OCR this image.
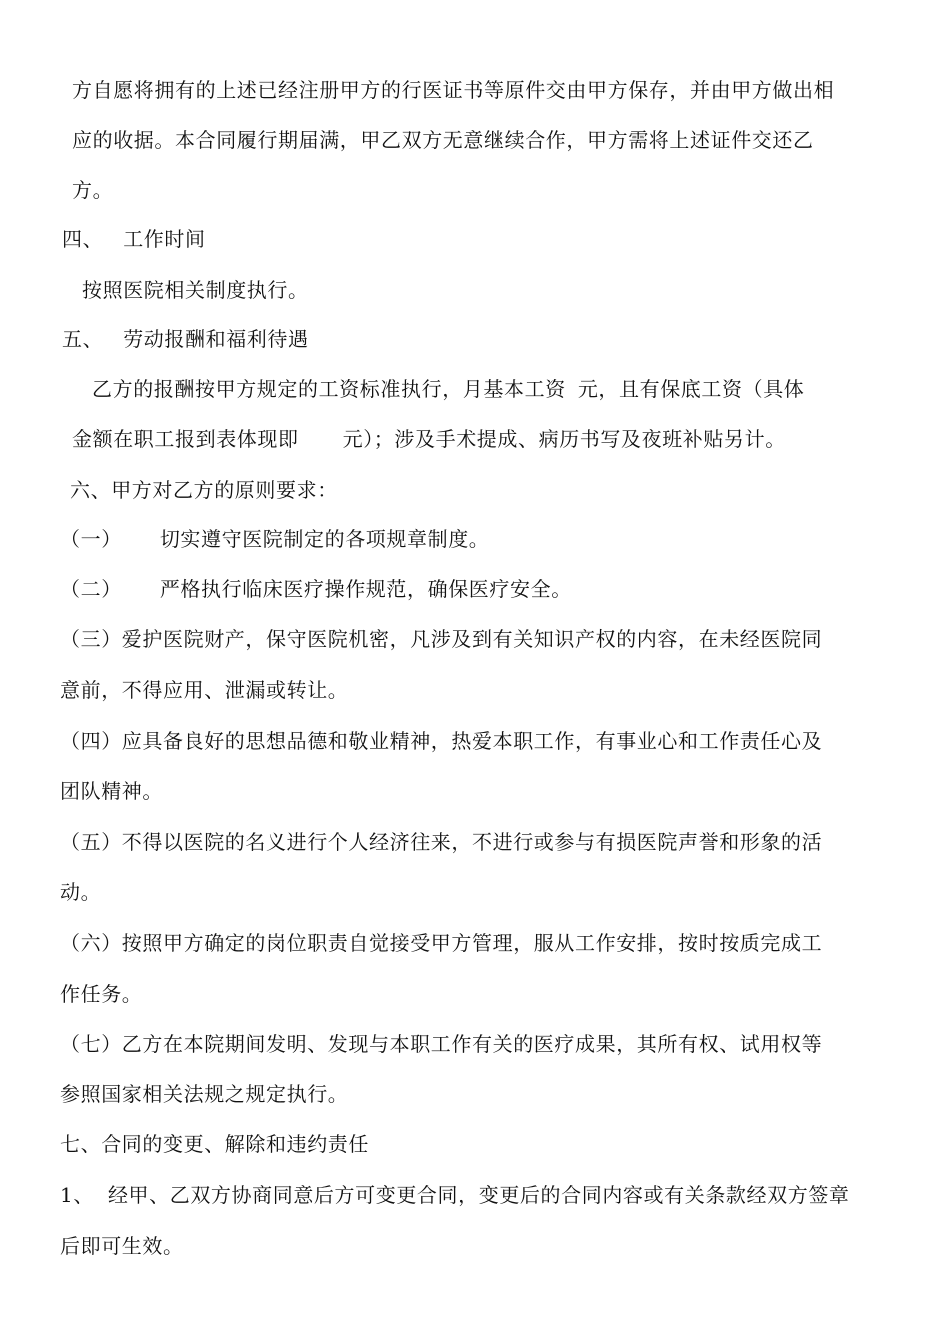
方自愿将拥有的上述已经注册甲方的行医证书等原件交由甲方保存，并由甲方做出相
应的收据。本合同履行期届满，甲乙双方无意继续合作，甲方需将上述证件交还乙
方。
四、 工作时间
按照医院相关制度执行。
五、 劳动报酬和福利待遇
乙方的报酬按甲方规定的工资标准执行，月基本工资 元，且有保底工资（具体
金额在职工报到表体现即 元）；涉及手术提成、病历书写及夜班补贴另计。
六、甲方对乙方的原则要求：
（一） 切实遵守医院制定的各项规章制度。
（二） 严格执行临床医疗操作规范，确保医疗安全。
（三）爱护医院财产，保守医院机密，凡涉及到有关知识产权的内容，在未经医院同
意前，不得应用、泄漏或转让。
（四）应具备良好的思想品德和敬业精神，热爱本职工作，有事业心和工作责任心及
团队精神。
（五）不得以医院的名义进行个人经济往来，不进行或参与有损医院声誉和形象的活
动。
（六）按照甲方确定的岗位职责自觉接受甲方管理，服从工作安排，按时按质完成工
作任务。
（七）乙方在本院期间发明、发现与本职工作有关的医疗成果，其所有权、试用权等
参照国家相关法规之规定执行。
七、合同的变更、解除和违约责任
1、 经甲、乙双方协商同意后方可变更合同，变更后的合同内容或有关条款经双方签章
后即可生效。
